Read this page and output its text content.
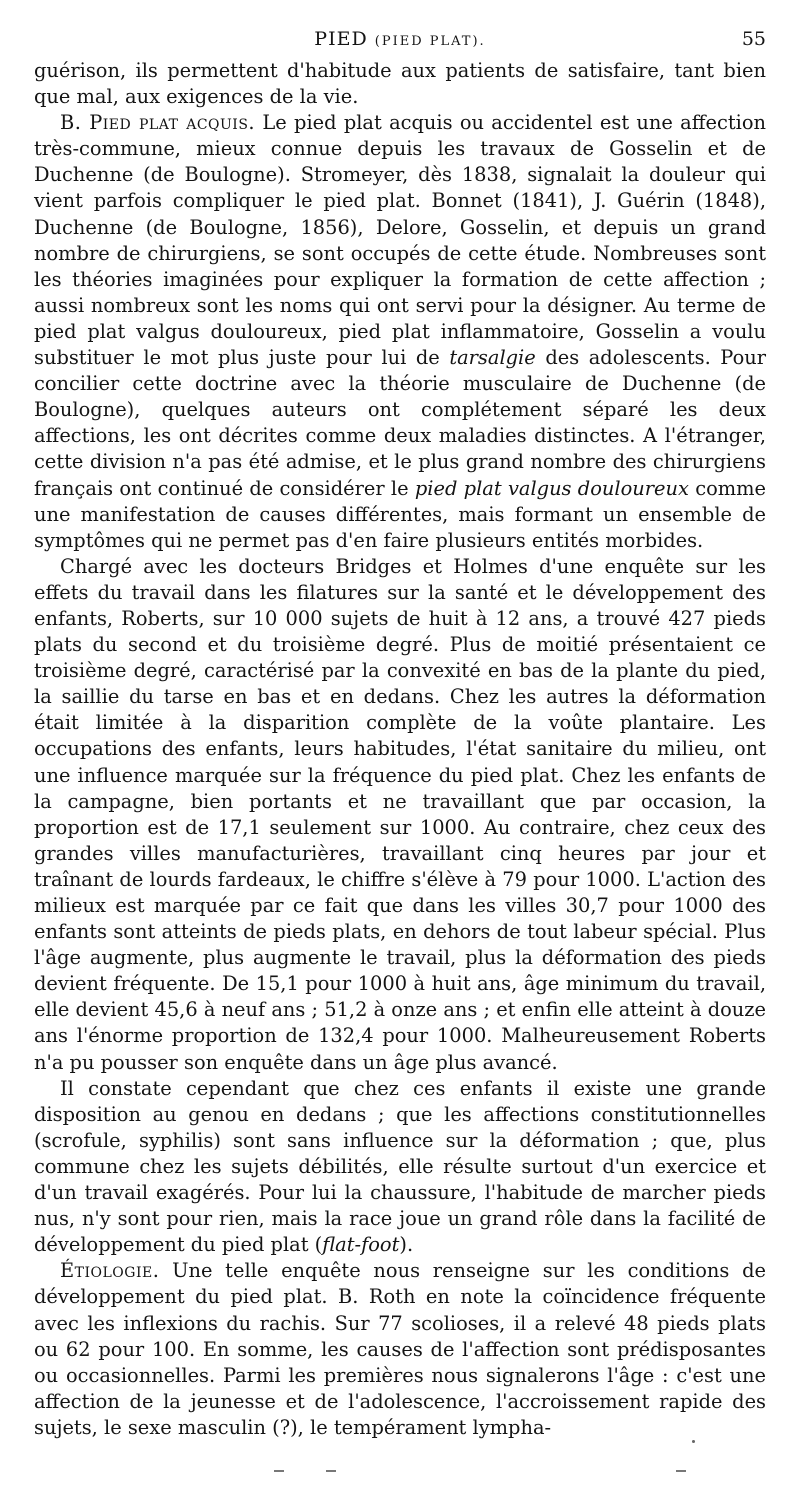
PIED (PIED PLAT).	55

guérison, ils permettent d'habitude aux patients de satisfaire, tant bien que mal, aux exigences de la vie.

B. Pied plat acquis. Le pied plat acquis ou accidentel est une affection très-commune, mieux connue depuis les travaux de Gosselin et de Duchenne (de Boulogne). Stromeyer, dès 1838, signalait la douleur qui vient parfois compliquer le pied plat. Bonnet (1841), J. Guérin (1848), Duchenne (de Boulogne, 1856), Delore, Gosselin, et depuis un grand nombre de chirurgiens, se sont occupés de cette étude. Nombreuses sont les théories imaginées pour expliquer la formation de cette affection ; aussi nombreux sont les noms qui ont servi pour la désigner. Au terme de pied plat valgus douloureux, pied plat inflammatoire, Gosselin a voulu substituer le mot plus juste pour lui de tarsalgie des adolescents. Pour concilier cette doctrine avec la théorie musculaire de Duchenne (de Boulogne), quelques auteurs ont complétement séparé les deux affections, les ont décrites comme deux maladies distinctes. A l'étranger, cette division n'a pas été admise, et le plus grand nombre des chirurgiens français ont continué de considérer le pied plat valgus douloureux comme une manifestation de causes différentes, mais formant un ensemble de symptômes qui ne permet pas d'en faire plusieurs entités morbides.

Chargé avec les docteurs Bridges et Holmes d'une enquête sur les effets du travail dans les filatures sur la santé et le développement des enfants, Roberts, sur 10 000 sujets de huit à 12 ans, a trouvé 427 pieds plats du second et du troisième degré. Plus de moitié présentaient ce troisième degré, caractérisé par la convexité en bas de la plante du pied, la saillie du tarse en bas et en dedans. Chez les autres la déformation était limitée à la disparition complète de la voûte plantaire. Les occupations des enfants, leurs habitudes, l'état sanitaire du milieu, ont une influence marquée sur la fréquence du pied plat. Chez les enfants de la campagne, bien portants et ne travaillant que par occasion, la proportion est de 17,1 seulement sur 1000. Au contraire, chez ceux des grandes villes manufacturières, travaillant cinq heures par jour et traînant de lourds fardeaux, le chiffre s'élève à 79 pour 1000. L'action des milieux est marquée par ce fait que dans les villes 30,7 pour 1000 des enfants sont atteints de pieds plats, en dehors de tout labeur spécial. Plus l'âge augmente, plus augmente le travail, plus la déformation des pieds devient fréquente. De 15,1 pour 1000 à huit ans, âge minimum du travail, elle devient 45,6 à neuf ans ; 51,2 à onze ans ; et enfin elle atteint à douze ans l'énorme proportion de 132,4 pour 1000. Malheureusement Roberts n'a pu pousser son enquête dans un âge plus avancé.

Il constate cependant que chez ces enfants il existe une grande disposition au genou en dedans ; que les affections constitutionnelles (scrofule, syphilis) sont sans influence sur la déformation ; que, plus commune chez les sujets débilités, elle résulte surtout d'un exercice et d'un travail exagérés. Pour lui la chaussure, l'habitude de marcher pieds nus, n'y sont pour rien, mais la race joue un grand rôle dans la facilité de développement du pied plat (flat-foot).

Étiologie. Une telle enquête nous renseigne sur les conditions de développement du pied plat. B. Roth en note la coïncidence fréquente avec les inflexions du rachis. Sur 77 scolioses, il a relevé 48 pieds plats ou 62 pour 100. En somme, les causes de l'affection sont prédisposantes ou occasionnelles. Parmi les premières nous signalerons l'âge : c'est une affection de la jeunesse et de l'adolescence, l'accroissement rapide des sujets, le sexe masculin (?), le tempérament lympha-
